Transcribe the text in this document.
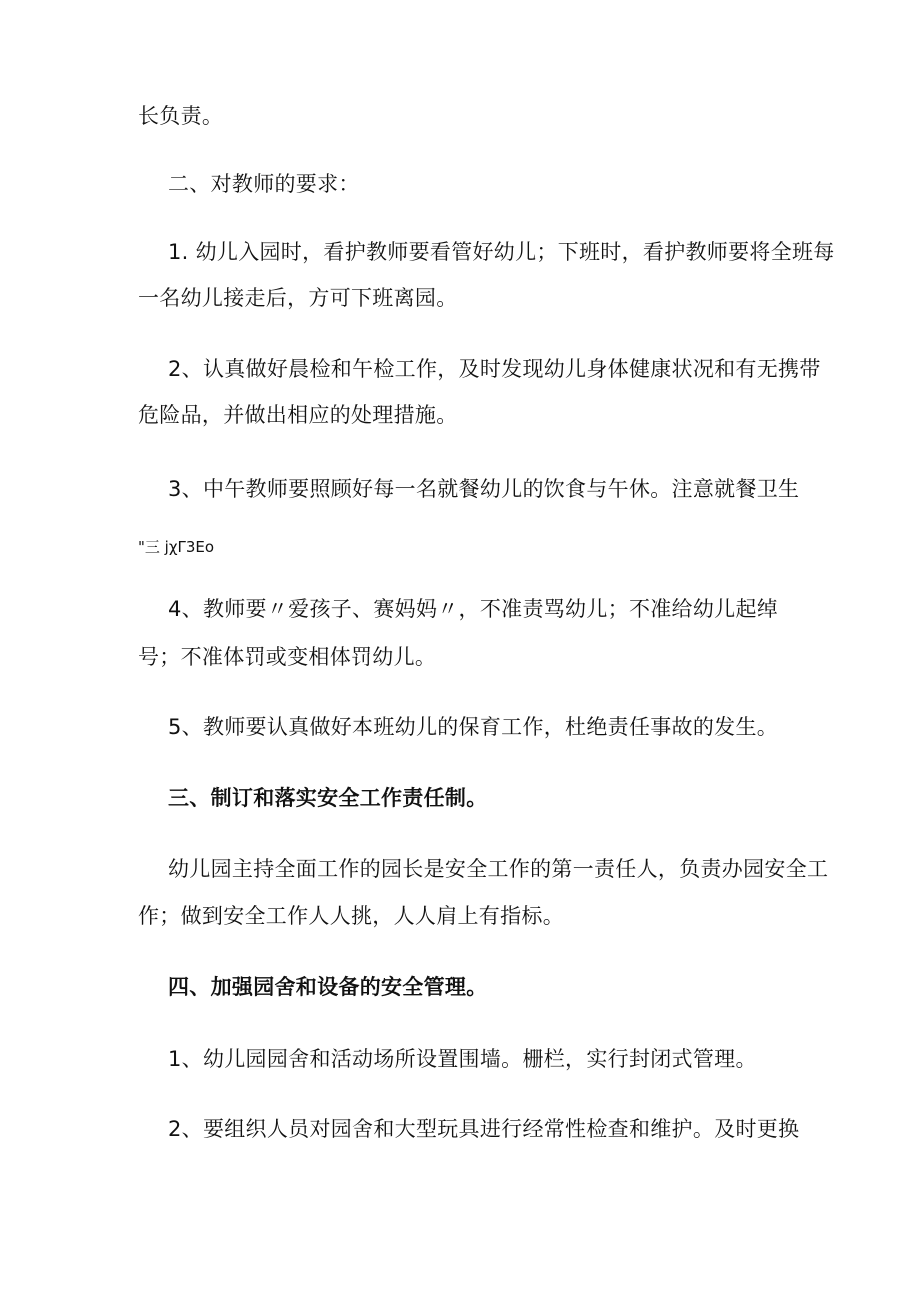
长负责。
二、对教师的要求：
1. 幼儿入园时，看护教师要看管好幼儿；下班时，看护教师要将全班每
一名幼儿接走后，方可下班离园。
2、认真做好晨检和午检工作，及时发现幼儿身体健康状况和有无携带
危险品，并做出相应的处理措施。
3、中午教师要照顾好每一名就餐幼儿的饮食与午休。注意就餐卫生
"三 jχΓ3Eo
4、教师要〃爱孩子、赛妈妈〃，不准责骂幼儿；不准给幼儿起绰
号；不准体罚或变相体罚幼儿。
5、教师要认真做好本班幼儿的保育工作，杜绝责任事故的发生。
三、制订和落实安全工作责任制。
幼儿园主持全面工作的园长是安全工作的第一责任人，负责办园安全工
作；做到安全工作人人挑，人人肩上有指标。
四、加强园舍和设备的安全管理。
1、幼儿园园舍和活动场所设置围墙。栅栏，实行封闭式管理。
2、要组织人员对园舍和大型玩具进行经常性检查和维护。及时更换
